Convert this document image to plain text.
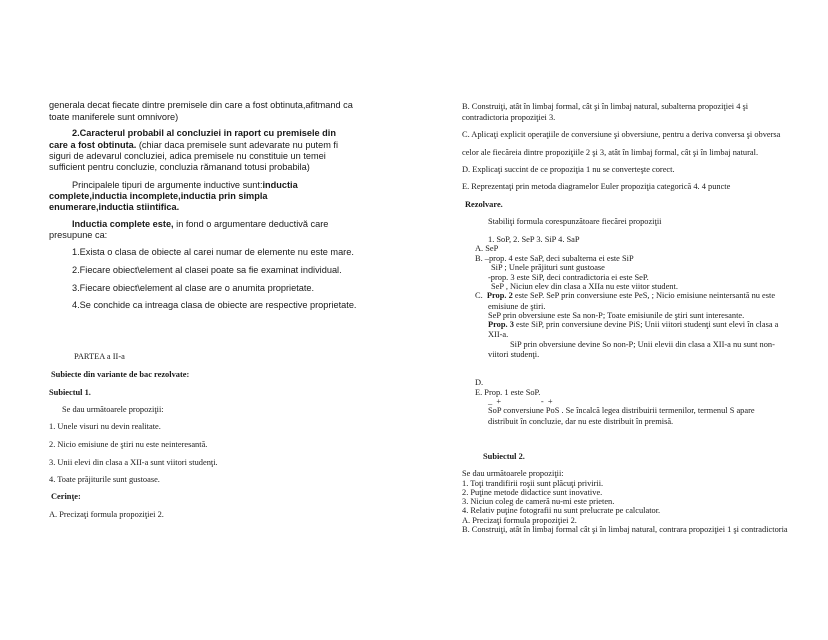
generala decat fiecate dintre premisele din care a fost obtinuta,afitmand ca

toate maniferele sunt omnivore)

2.Caracterul probabil al concluziei in raport cu premisele din

care a fost obtinuta. (chiar daca premisele sunt adevarate nu putem fi

siguri de adevarul concluziei, adica premisele nu constituie un temei

sufficient pentru concluzie, concluzia rămanand totusi probabila)

Principalele tipuri de argumente inductive sunt:inductia

complete,inductia incomplete,inductia prin simpla

enumerare,inductia stiintifica.

Inductia complete este, in fond o argumentare deductivă care

presupune ca:

1.Exista o clasa de obiecte al carei numar de elemente nu este mare.

2.Fiecare obiect\element al clasei poate sa fie examinat individual.

3.Fiecare obiect\element al clase are o anumita proprietate.

4.Se conchide ca intreaga clasa de obiecte are respective proprietate.

PARTEA a II-a

Subiecte din variante de bac rezolvate:

Subiectul 1.

Se dau următoarele propoziţii:

1. Unele visuri nu devin realitate.

2. Nicio emisiune de ştiri nu este neinteresantă.

3. Unii elevi din clasa a XII-a sunt viitori studenţi.

4. Toate prăjiturile sunt gustoase.

Cerinţe:

A. Precizaţi formula propoziţiei 2.

B. Construiţi, atât în limbaj formal, cât şi în limbaj natural, subalterna propoziţiei 4 şi

contradictoria propoziţiei 3.

C. Aplicaţi explicit operaţiile de conversiune şi obversiune, pentru a deriva conversa şi obversa

celor ale fiecăreia dintre propoziţiile 2 şi 3, atât în limbaj formal, cât şi în limbaj natural.

D. Explicaţi succint de ce propoziţia 1 nu se converteşte corect.

E. Reprezentaţi prin metoda diagramelor Euler propoziţia categorică 4. 4 puncte

Rezolvare.

Stabiliţi formula corespunzătoare fiecărei propoziţii

1. SoP, 2. SeP 3. SiP 4. SaP

A. SeP

B. –prop. 4 este SaP, deci subalterna ei este SiP

SiP ; Unele prăjituri sunt gustoase

-prop. 3 este SiP, deci contradictoria ei este SeP.

SeP , Niciun elev din clasa a XIIa nu este viitor student.

C. Prop. 2 este SeP. SeP prin conversiune este PeS, ; Nicio emisiune neintersantă nu este

emisiune de ştiri.

SeP prin obversiune este Sa non-P; Toate emisiunile de ştiri sunt interesante.

Prop. 3 este SiP, prin conversiune devine PiS; Unii viitori studenţi sunt elevi în clasa a

XII-a.

SiP prin obversiune devine So non-P; Unii elevii din clasa a XII-a nu sunt non-

viitori studenţi.

D.

E. Prop. 1 este SoP.

_  +                   -  +

SoP conversiune PoS . Se încalcă legea distribuirii termenilor, termenul S apare

distribuit în concluzie, dar nu este distribuit în premisă.

Subiectul 2.

Se dau următoarele propoziţii:

1. Toţi trandifirii roşii sunt plăcuţi privirii.

2. Puţine metode didactice sunt inovative.

3. Niciun coleg de cameră nu-mi este prieten.

4. Relativ puţine fotografii nu sunt prelucrate pe calculator.

A. Precizaţi formula propoziţiei 2.

B. Construiţi, atât în limbaj formal cât şi în limbaj natural, contrara propoziţiei 1 şi contradictoria
